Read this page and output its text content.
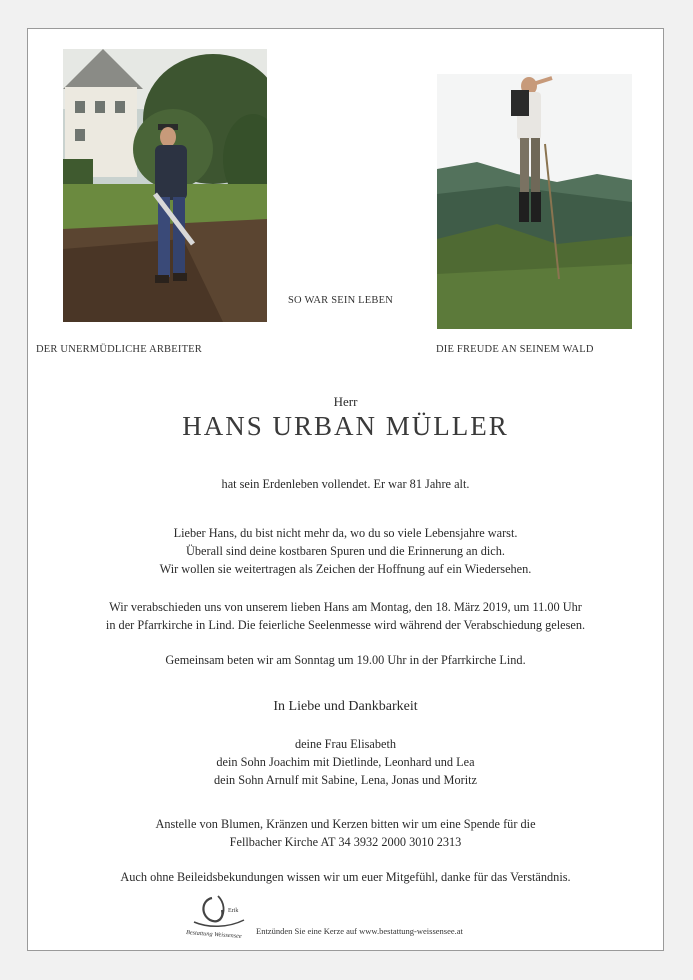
DER UNERMÜDLICHE ARBEITER
SO WAR SEIN LEBEN
DIE FREUDE AN SEINEM WALD
Herr
HANS URBAN MÜLLER
hat sein Erdenleben vollendet. Er war 81 Jahre alt.
Lieber Hans, du bist nicht mehr da, wo du so viele Lebensjahre warst.
Überall sind deine kostbaren Spuren und die Erinnerung an dich.
Wir wollen sie weitertragen als Zeichen der Hoffnung auf ein Wiedersehen.
Wir verabschieden uns von unserem lieben Hans am Montag, den 18. März 2019, um 11.00 Uhr
in der Pfarrkirche in Lind. Die feierliche Seelenmesse wird während der Verabschiedung gelesen.
Gemeinsam beten wir am Sonntag um 19.00 Uhr in der Pfarrkirche Lind.
In Liebe und Dankbarkeit
deine Frau Elisabeth
dein Sohn Joachim mit Dietlinde, Leonhard und Lea
dein Sohn Arnulf mit Sabine, Lena, Jonas und Moritz
Anstelle von Blumen, Kränzen und Kerzen bitten wir um eine Spende für die
Fellbacher Kirche AT 34 3932 2000 3010 2313
Auch ohne Beileidsbekundungen wissen wir um euer Mitgefühl, danke für das Verständnis.
Erik
Bestattung Weissensee Entzünden Sie eine Kerze auf www.bestattung-weissensee.at
